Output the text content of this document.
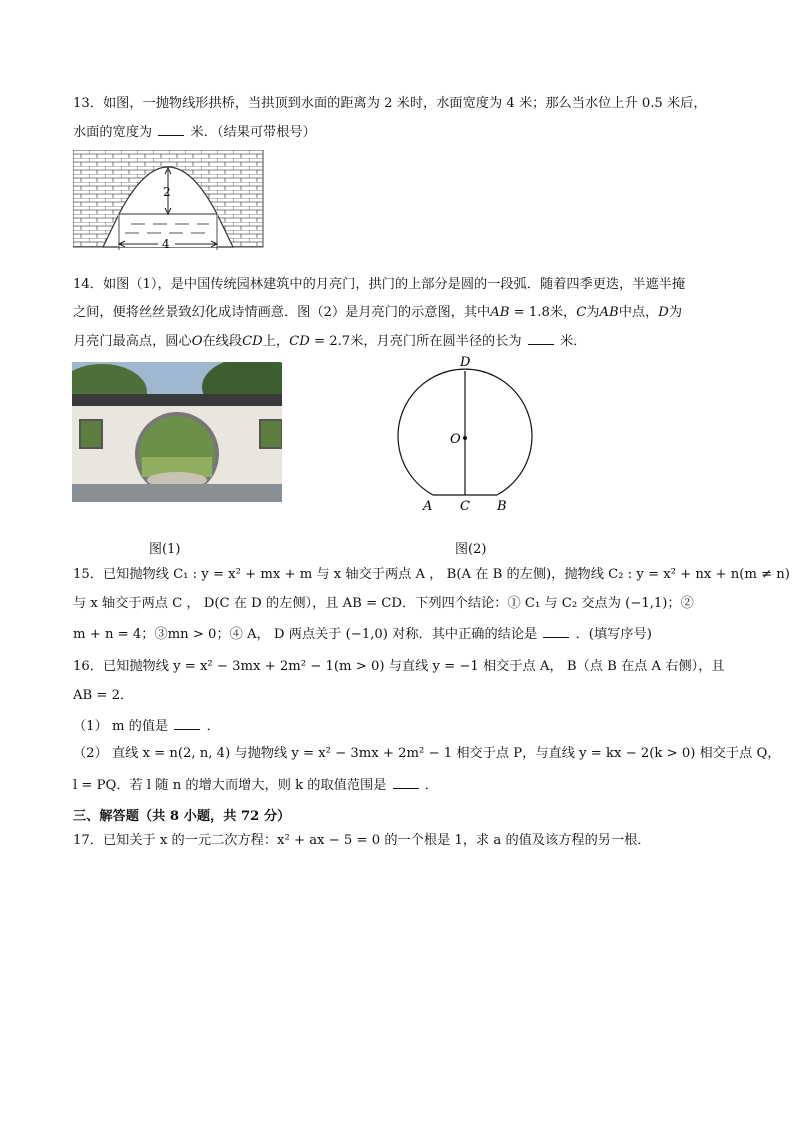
13．如图，一抛物线形拱桥，当拱顶到水面的距离为 2 米时，水面宽度为 4 米；那么当水位上升 0.5 米后，
水面的宽度为	米．（结果可带根号）
2
4
14．如图（1），是中国传统园林建筑中的月亮门，拱门的上部分是圆的一段弧．随着四季更迭，半遮半掩
之间，便将丝丝景致幻化成诗情画意．图（2）是月亮门的示意图，其中AB = 1.8米，C为AB中点，D为
月亮门最高点，圆心O在线段CD上，CD = 2.7米，月亮门所在圆半径的长为	米．
图(1)
D
O
A C B
图(2)
15．已知抛物线 C₁ : y = x² + mx + m 与 x 轴交于两点 A ， B(A 在 B 的左侧)，抛物线 C₂ : y = x² + nx + n(m ≠ n)
与 x 轴交于两点 C ， D(C 在 D 的左侧），且 AB = CD．下列四个结论：① C₁ 与 C₂ 交点为 (−1,1)；②
m + n = 4；③mn > 0；④ A， D 两点关于 (−1,0) 对称．其中正确的结论是	．(填写序号)
16．已知抛物线 y = x² − 3mx + 2m² − 1(m > 0) 与直线 y = −1 相交于点 A， B（点 B 在点 A 右侧），且
AB = 2．
（1） m 的值是	．
（2） 直线 x = n(2, n, 4) 与抛物线 y = x² − 3mx + 2m² − 1 相交于点 P，与直线 y = kx − 2(k > 0) 相交于点 Q，
l = PQ．若 l 随 n 的增大而增大，则 k 的取值范围是	．
三、解答题（共 8 小题，共 72 分）
17．已知关于 x 的一元二次方程：x² + ax − 5 = 0 的一个根是 1，求 a 的值及该方程的另一根．
